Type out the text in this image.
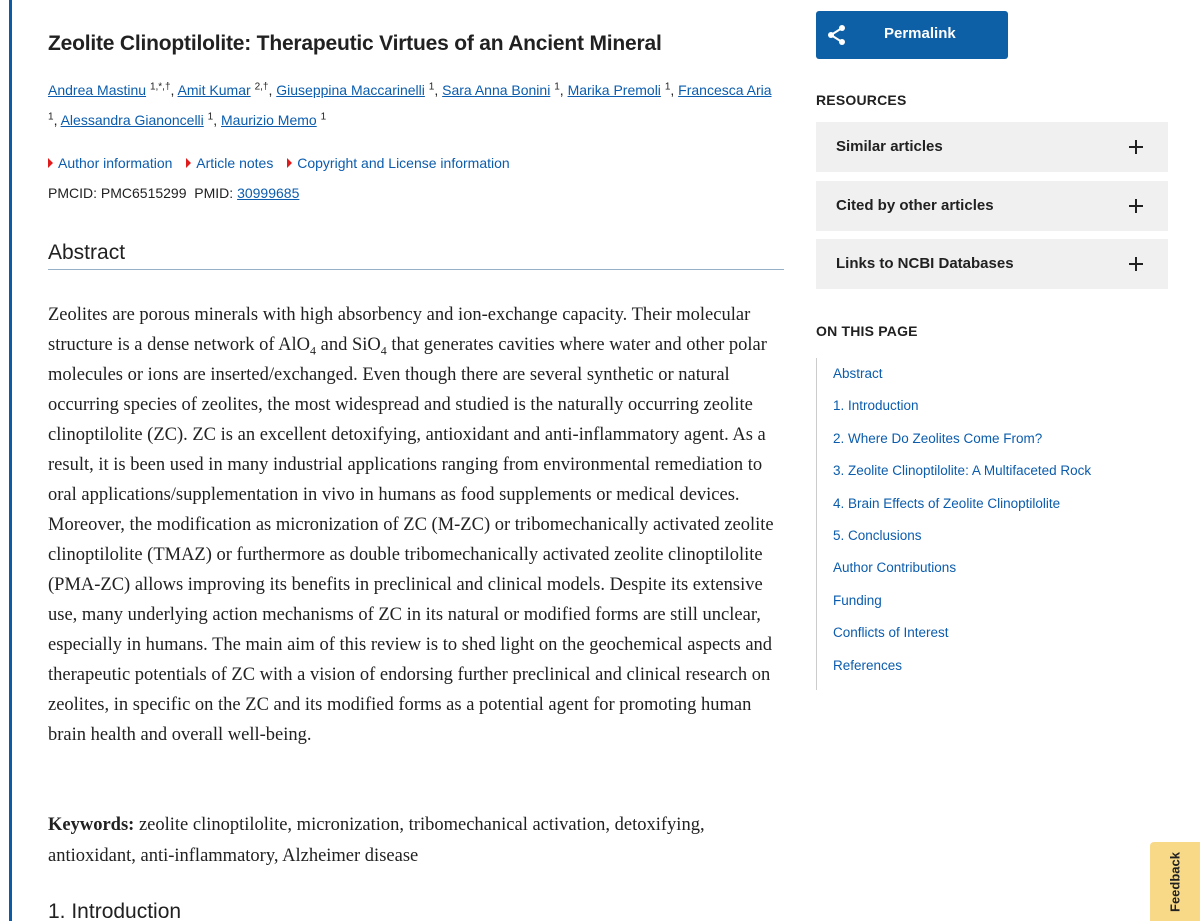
Zeolite Clinoptilolite: Therapeutic Virtues of an Ancient Mineral
Andrea Mastinu $^{1,*,\dagger}$, Amit Kumar $^{2,\dagger}$, Giuseppina Maccarinelli $^1$, Sara Anna Bonini $^1$, Marika Premoli $^1$, Francesca Aria $^1$, Alessandra Gianoncelli $^1$, Maurizio Memo $^1$
Author information Article notes Copyright and License information
PMCID: PMC6515299 PMID: 30999685
Abstract

Zeolites are porous minerals with high absorbency and ion-exchange capacity. Their molecular structure is a dense network of AlO$_4$ and SiO$_4$ that generates cavities where water and other polar molecules or ions are inserted/exchanged. Even though there are several synthetic or natural occurring species of zeolites, the most widespread and studied is the naturally occurring zeolite clinoptilolite (ZC). ZC is an excellent detoxifying, antioxidant and anti-inflammatory agent. As a result, it is been used in many industrial applications ranging from environmental remediation to oral applications/supplementation in vivo in humans as food supplements or medical devices. Moreover, the modification as micronization of ZC (M-ZC) or tribomechanically activated zeolite clinoptilolite (TMAZ) or furthermore as double tribomechanically activated zeolite clinoptilolite (PMA-ZC) allows improving its benefits in preclinical and clinical models. Despite its extensive use, many underlying action mechanisms of ZC in its natural or modified forms are still unclear, especially in humans. The main aim of this review is to shed light on the geochemical aspects and therapeutic potentials of ZC with a vision of endorsing further preclinical and clinical research on zeolites, in specific on the ZC and its modified forms as a potential agent for promoting human brain health and overall well-being.

Keywords: zeolite clinoptilolite, micronization, tribomechanical activation, detoxifying, antioxidant, anti-inflammatory, Alzheimer disease

1. Introduction
Permalink
RESOURCES
Similar articles
Cited by other articles
Links to NCBI Databases
ON THIS PAGE
Abstract
1. Introduction
2. Where Do Zeolites Come From?
3. Zeolite Clinoptilolite: A Multifaceted Rock
4. Brain Effects of Zeolite Clinoptilolite
5. Conclusions
Author Contributions
Funding
Conflicts of Interest
References
Feedback
